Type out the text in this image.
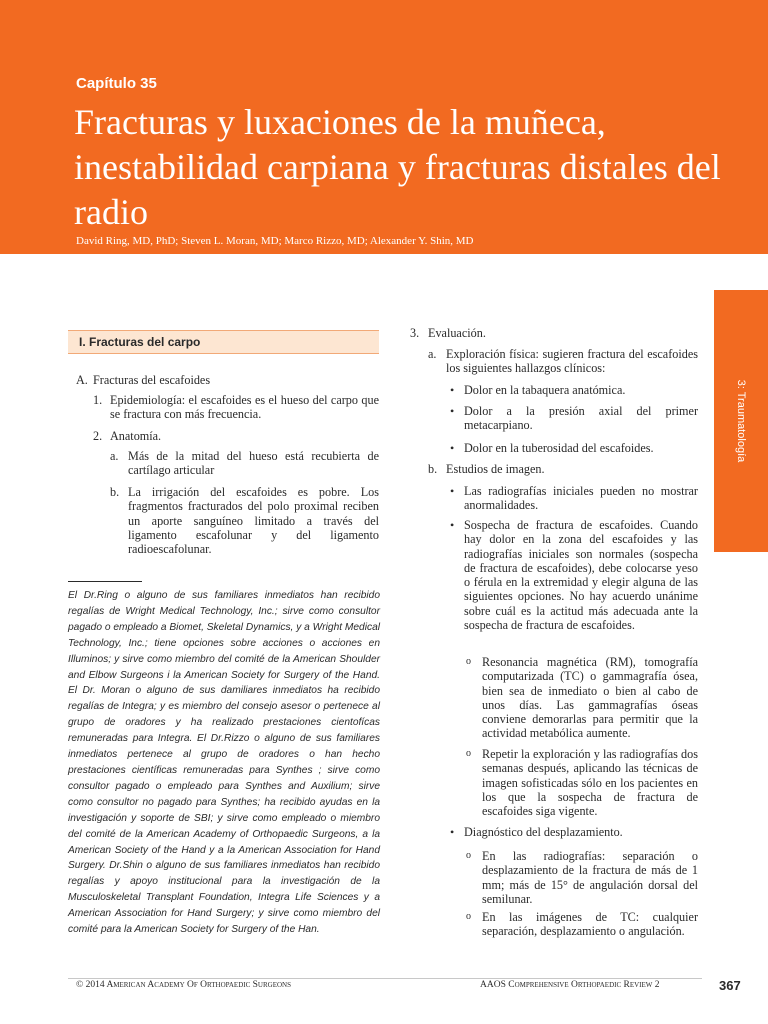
Capítulo 35
Fracturas y luxaciones de la muñeca, inestabilidad carpiana y fracturas distales del radio
David Ring, MD, PhD; Steven L. Moran, MD; Marco Rizzo, MD; Alexander Y. Shin, MD
3: Traumatología
I. Fracturas del carpo
A. Fracturas del escafoides
1. Epidemiología: el escafoides es el hueso del carpo que se fractura con más frecuencia.
2. Anatomía.
a. Más de la mitad del hueso está recubierta de cartílago articular
b. La irrigación del escafoides es pobre. Los fragmentos fracturados del polo proximal reciben un aporte sanguíneo limitado a través del ligamento escafolunar y del ligamento radioescafolunar.
El Dr.Ring o alguno de sus familiares inmediatos han recibido regalías de Wright Medical Technology, Inc.; sirve como consultor pagado o empleado a Biomet, Skeletal Dynamics, y a Wright Medical Technology, Inc.; tiene opciones sobre acciones o acciones en Illuminos; y sirve como miembro del comité de la American Shoulder and Elbow Surgeons i la American Society for Surgery of the Hand. El Dr. Moran o alguno de sus damiliares inmediatos ha recibido regalías de Integra; y es miembro del consejo asesor o pertenece al grupo de oradores y ha realizado prestaciones cientofícas remuneradas para Integra. El Dr.Rizzo o alguno de sus familiares inmediatos pertenece al grupo de oradores o han hecho prestaciones científicas remuneradas para Synthes ; sirve como consultor pagado o empleado para Synthes and Auxilium; sirve como consultor no pagado para Synthes; ha recibido ayudas en la investigación y soporte de SBI; y sirve como empleado o miembro del comité de la American Academy of Orthopaedic Surgeons, a la American Society of the Hand y a la American Association for Hand Surgery. Dr.Shin o alguno de sus familiares inmediatos han recibido regalías y apoyo institucional para la investigación de la Musculoskeletal Transplant Foundation, Integra Life Sciences y a American Association for Hand Surgery; y sirve como miembro del comité para la American Society for Surgery of the Han.
3. Evaluación.
a. Exploración física: sugieren fractura del escafoides los siguientes hallazgos clínicos:
• Dolor en la tabaquera anatómica.
• Dolor a la presión axial del primer metacarpiano.
• Dolor en la tuberosidad del escafoides.
b. Estudios de imagen.
• Las radiografías iniciales pueden no mostrar anormalidades.
• Sospecha de fractura de escafoides. Cuando hay dolor en la zona del escafoides y las radiografías iniciales son normales (sospecha de fractura de escafoides), debe colocarse yeso o férula en la extremidad y elegir alguna de las siguientes opciones. No hay acuerdo unánime sobre cuál es la actitud más adecuada ante la sospecha de fractura de escafoides.
o Resonancia magnética (RM), tomografía computarizada (TC) o gammagrafía ósea, bien sea de inmediato o bien al cabo de unos días. Las gammagrafías óseas conviene demorarlas para permitir que la actividad metabólica aumente.
o Repetir la exploración y las radiografías dos semanas después, aplicando las técnicas de imagen sofisticadas sólo en los pacientes en los que la sospecha de fractura de escafoides siga vigente.
• Diagnóstico del desplazamiento.
o En las radiografías: separación o desplazamiento de la fractura de más de 1 mm; más de 15° de angulación dorsal del semilunar.
o En las imágenes de TC: cualquier separación, desplazamiento o angulación.
© 2014 American Academy Of Orthopaedic Surgeons	AAOS Comprehensive Orthopaedic Review 2	367
